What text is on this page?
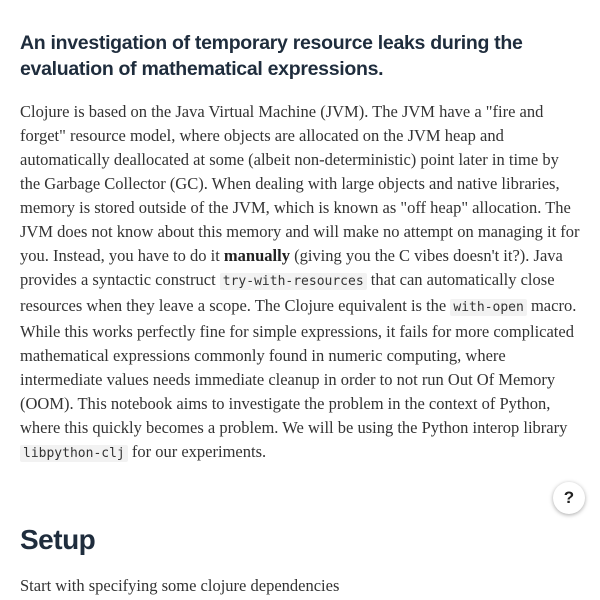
An investigation of temporary resource leaks during the evaluation of mathematical expressions.

Clojure is based on the Java Virtual Machine (JVM). The JVM have a "fire and forget" resource model, where objects are allocated on the JVM heap and automatically deallocated at some (albeit non-deterministic) point later in time by the Garbage Collector (GC). When dealing with large objects and native libraries, memory is stored outside of the JVM, which is known as "off heap" allocation. The JVM does not know about this memory and will make no attempt on managing it for you. Instead, you have to do it manually (giving you the C vibes doesn't it?). Java provides a syntactic construct try-with-resources that can automatically close resources when they leave a scope. The Clojure equivalent is the with-open macro. While this works perfectly fine for simple expressions, it fails for more complicated mathematical expressions commonly found in numeric computing, where intermediate values needs immediate cleanup in order to not run Out Of Memory (OOM). This notebook aims to investigate the problem in the context of Python, where this quickly becomes a problem. We will be using the Python interop library libpython-clj for our experiments.

Setup

Start with specifying some clojure dependencies

?
